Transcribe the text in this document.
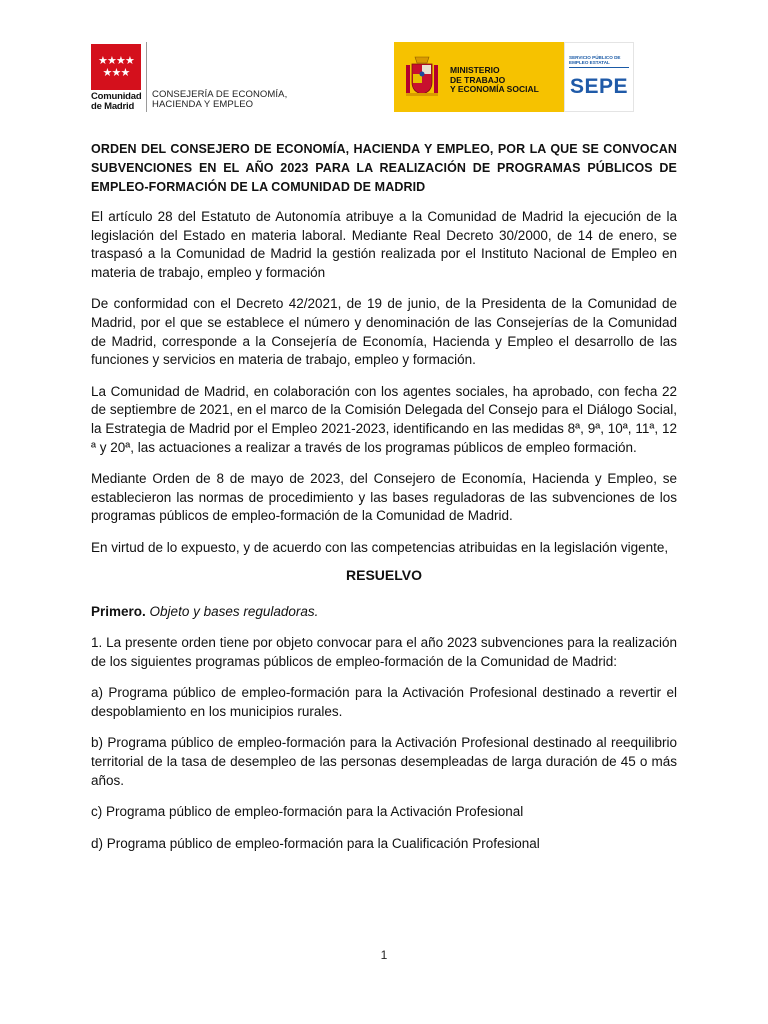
★ ★ ★ ★
★ ★ ★
Comunidad
de Madrid
CONSEJERÍA DE ECONOMÍA,
HACIENDA Y EMPLEO
MINISTERIO
DE TRABAJO
Y ECONOMÍA SOCIAL
SERVICIO PÚBLICO DE EMPLEO ESTATAL
SEPE

ORDEN DEL CONSEJERO DE ECONOMÍA, HACIENDA Y EMPLEO, POR LA QUE SE CONVOCAN SUBVENCIONES EN EL AÑO 2023 PARA LA REALIZACIÓN DE PROGRAMAS PÚBLICOS DE EMPLEO-FORMACIÓN DE LA COMUNIDAD DE MADRID

El artículo 28 del Estatuto de Autonomía atribuye a la Comunidad de Madrid la ejecución de la legislación del Estado en materia laboral. Mediante Real Decreto 30/2000, de 14 de enero, se traspasó a la Comunidad de Madrid la gestión realizada por el Instituto Nacional de Empleo en materia de trabajo, empleo y formación

De conformidad con el Decreto 42/2021, de 19 de junio, de la Presidenta de la Comunidad de Madrid, por el que se establece el número y denominación de las Consejerías de la Comunidad de Madrid, corresponde a la Consejería de Economía, Hacienda y Empleo el desarrollo de las funciones y servicios en materia de trabajo, empleo y formación.

La Comunidad de Madrid, en colaboración con los agentes sociales, ha aprobado, con fecha 22 de septiembre de 2021, en el marco de la Comisión Delegada del Consejo para el Diálogo Social, la Estrategia de Madrid por el Empleo 2021-2023, identificando en las medidas 8ª, 9ª, 10ª, 11ª, 12 ª y 20ª, las actuaciones a realizar a través de los programas públicos de empleo formación.

Mediante Orden de 8 de mayo de 2023, del Consejero de Economía, Hacienda y Empleo, se establecieron las normas de procedimiento y las bases reguladoras de las subvenciones de los programas públicos de empleo-formación de la Comunidad de Madrid.

En virtud de lo expuesto, y de acuerdo con las competencias atribuidas en la legislación vigente,

RESUELVO

Primero. Objeto y bases reguladoras.

1. La presente orden tiene por objeto convocar para el año 2023 subvenciones para la realización de los siguientes programas públicos de empleo-formación de la Comunidad de Madrid:

a) Programa público de empleo-formación para la Activación Profesional destinado a revertir el despoblamiento en los municipios rurales.

b) Programa público de empleo-formación para la Activación Profesional destinado al reequilibrio territorial de la tasa de desempleo de las personas desempleadas de larga duración de 45 o más años.

c) Programa público de empleo-formación para la Activación Profesional

d) Programa público de empleo-formación para la Cualificación Profesional

1
